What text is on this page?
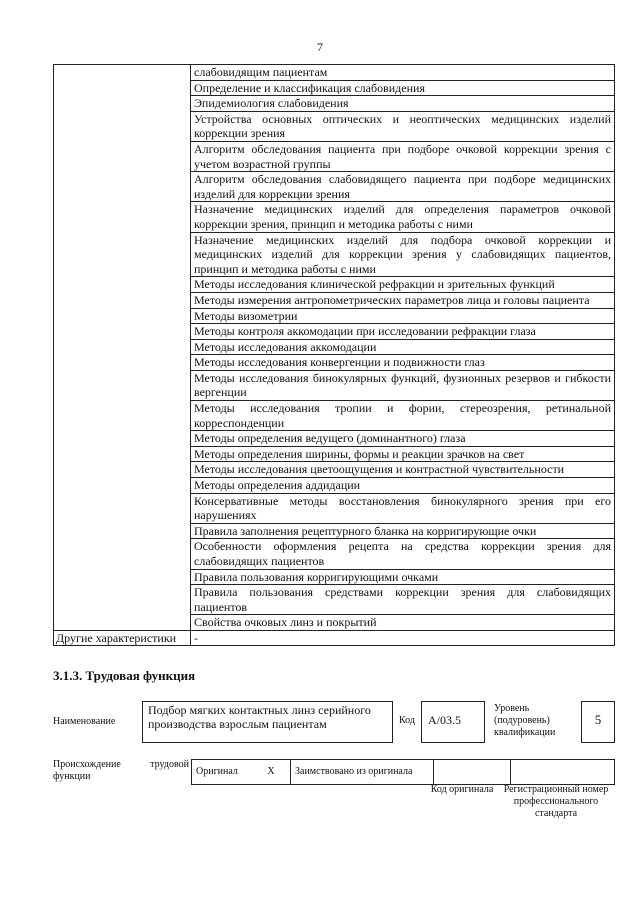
7
	слабовидящим пациентам
	Определение и классификация слабовидения
	Эпидемиология слабовидения
	Устройства основных оптических и неоптических медицинских изделий коррекции зрения
	Алгоритм обследования пациента при подборе очковой коррекции зрения с учетом возрастной группы
	Алгоритм обследования слабовидящего пациента при подборе медицинских изделий для коррекции зрения
	Назначение медицинских изделий для определения параметров очковой коррекции зрения, принцип и методика работы с ними
	Назначение медицинских изделий для подбора очковой коррекции и медицинских изделий для коррекции зрения у слабовидящих пациентов, принцип и методика работы с ними
	Методы исследования клинической рефракции и зрительных функций
	Методы измерения антропометрических параметров лица и головы пациента
	Методы визометрии
	Методы контроля аккомодации при исследовании рефракции глаза
	Методы исследования аккомодации
	Методы исследования конвергенции и подвижности глаз
	Методы исследования бинокулярных функций, фузионных резервов и гибкости вергенции
	Методы исследования тропии и фории, стереозрения, ретинальной корреспонденции
	Методы определения ведущего (доминантного) глаза
	Методы определения ширины, формы и реакции зрачков на свет
	Методы исследования цветоощущения и контрастной чувствительности
	Методы определения аддидации
	Консервативные методы восстановления бинокулярного зрения при его нарушениях
	Правила заполнения рецептурного бланка на корригирующие очки
	Особенности оформления рецепта на средства коррекции зрения для слабовидящих пациентов
	Правила пользования корригирующими очками
	Правила пользования средствами коррекции зрения для слабовидящих пациентов
	Свойства очковых линз и покрытий
Другие характеристики	-
3.1.3. Трудовая функция
Наименование
Подбор мягких контактных линз серийного производства взрослым пациентам	Код	A/03.5
Уровень (подуровень) квалификации
5
Происхождение трудовой функции	Оригинал	X	Заимствовано из оригинала		
Код оригинала	Регистрационный номер профессионального стандарта
